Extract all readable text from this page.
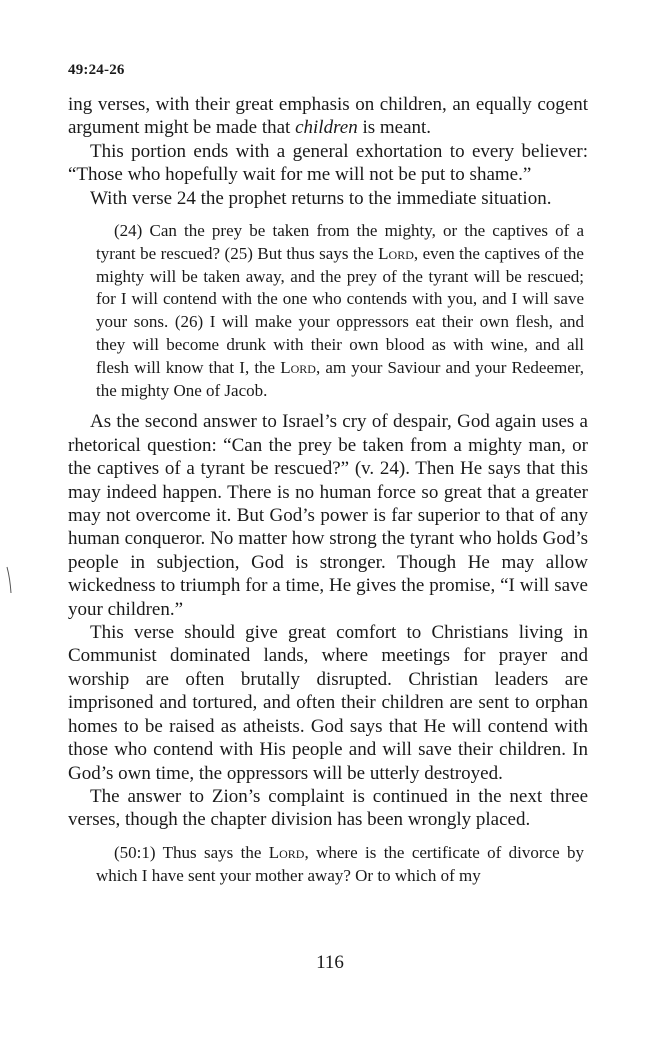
49:24-26

ing verses, with their great emphasis on children, an equally cogent argument might be made that children is meant.

This portion ends with a general exhortation to every believer: “Those who hopefully wait for me will not be put to shame.”

With verse 24 the prophet returns to the immediate situation.

(24) Can the prey be taken from the mighty, or the captives of a tyrant be rescued? (25) But thus says the Lord, even the captives of the mighty will be taken away, and the prey of the tyrant will be rescued; for I will contend with the one who contends with you, and I will save your sons. (26) I will make your oppressors eat their own flesh, and they will become drunk with their own blood as with wine, and all flesh will know that I, the Lord, am your Saviour and your Redeemer, the mighty One of Jacob.

As the second answer to Israel’s cry of despair, God again uses a rhetorical question: “Can the prey be taken from a mighty man, or the captives of a tyrant be rescued?” (v. 24). Then He says that this may indeed happen. There is no human force so great that a greater may not overcome it. But God’s power is far superior to that of any human conqueror. No matter how strong the tyrant who holds God’s people in subjection, God is stronger. Though He may allow wickedness to triumph for a time, He gives the promise, “I will save your children.”

This verse should give great comfort to Christians living in Communist dominated lands, where meetings for prayer and worship are often brutally disrupted. Christian leaders are imprisoned and tortured, and often their children are sent to orphan homes to be raised as atheists. God says that He will contend with those who contend with His people and will save their children. In God’s own time, the oppressors will be utterly destroyed.

The answer to Zion’s complaint is continued in the next three verses, though the chapter division has been wrongly placed.

(50:1) Thus says the Lord, where is the certificate of divorce by which I have sent your mother away? Or to which of my

116
